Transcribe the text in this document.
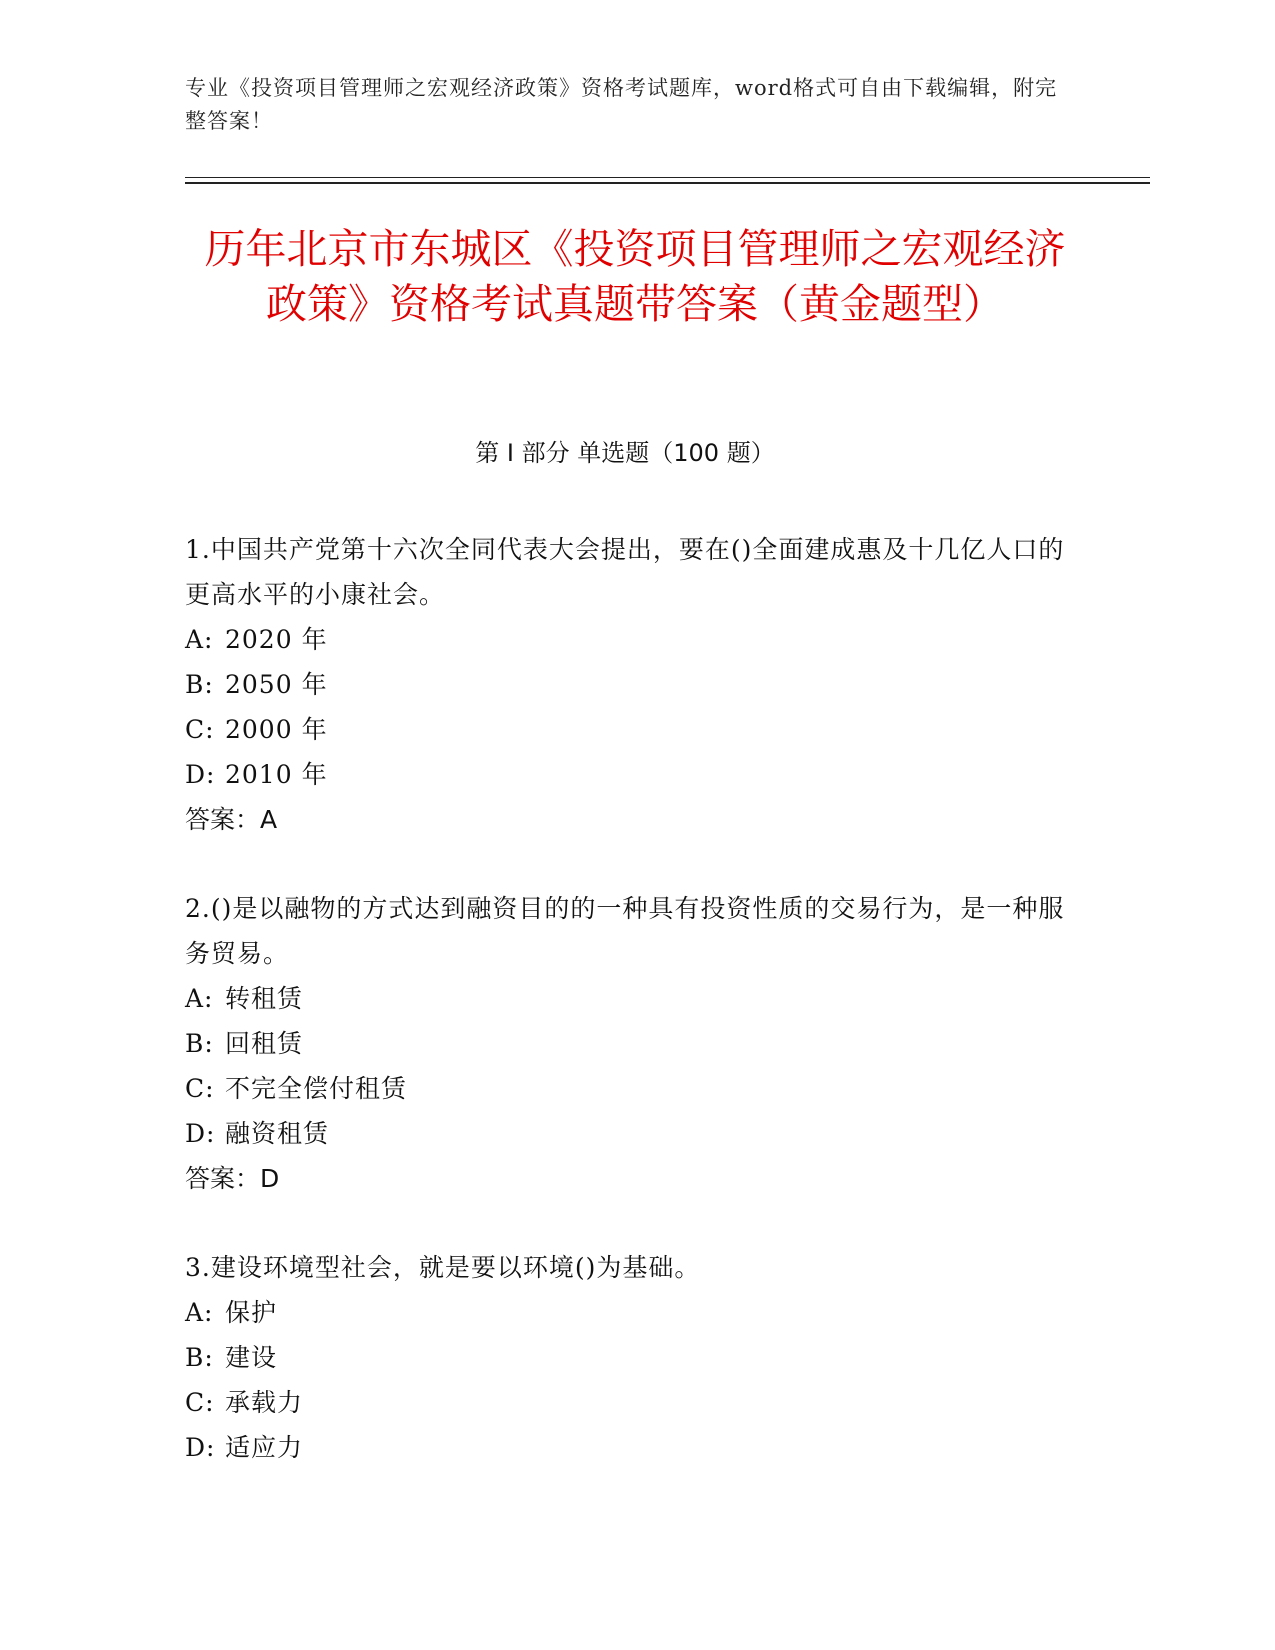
专业《投资项目管理师之宏观经济政策》资格考试题库，word格式可自由下载编辑，附完整答案！
历年北京市东城区《投资项目管理师之宏观经济政策》资格考试真题带答案（黄金题型）
第 I 部分 单选题（100 题）
1.中国共产党第十六次全同代表大会提出，要在()全面建成惠及十几亿人口的更高水平的小康社会。
A: 2020 年
B: 2050 年
C: 2000 年
D: 2010 年
答案：A
2.()是以融物的方式达到融资目的的一种具有投资性质的交易行为，是一种服务贸易。
A: 转租赁
B: 回租赁
C: 不完全偿付租赁
D: 融资租赁
答案：D
3.建设环境型社会，就是要以环境()为基础。
A: 保护
B: 建设
C: 承载力
D: 适应力
